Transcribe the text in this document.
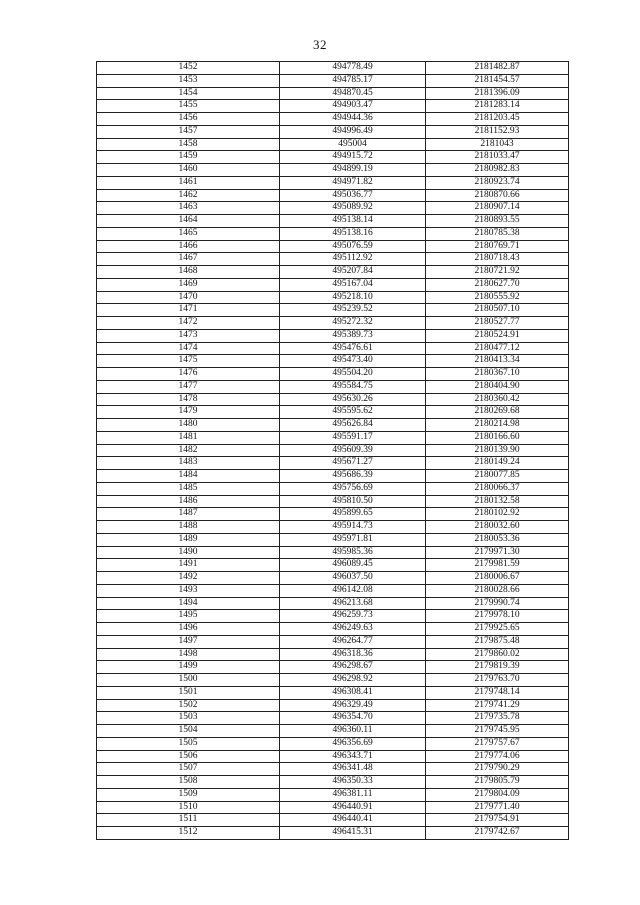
32
1452	494778.49	2181482.87
1453	494785.17	2181454.57
1454	494870.45	2181396.09
1455	494903.47	2181283.14
1456	494944.36	2181203.45
1457	494996.49	2181152.93
1458	495004	2181043
1459	494915.72	2181033.47
1460	494899.19	2180982.83
1461	494971.82	2180923.74
1462	495036.77	2180870.66
1463	495089.92	2180907.14
1464	495138.14	2180893.55
1465	495138.16	2180785.38
1466	495076.59	2180769.71
1467	495112.92	2180718.43
1468	495207.84	2180721.92
1469	495167.04	2180627.70
1470	495218.10	2180555.92
1471	495239.52	2180507.10
1472	495272.32	2180527.77
1473	495389.73	2180524.91
1474	495476.61	2180477.12
1475	495473.40	2180413.34
1476	495504.20	2180367.10
1477	495584.75	2180404.90
1478	495630.26	2180360.42
1479	495595.62	2180269.68
1480	495626.84	2180214.98
1481	495591.17	2180166.60
1482	495609.39	2180139.90
1483	495671.27	2180149.24
1484	495686.39	2180077.85
1485	495756.69	2180066.37
1486	495810.50	2180132.58
1487	495899.65	2180102.92
1488	495914.73	2180032.60
1489	495971.81	2180053.36
1490	495985.36	2179971.30
1491	496089.45	2179981.59
1492	496037.50	2180006.67
1493	496142.08	2180028.66
1494	496213.68	2179990.74
1495	496259.73	2179978.10
1496	496249.63	2179925.65
1497	496264.77	2179875.48
1498	496318.36	2179860.02
1499	496298.67	2179819.39
1500	496298.92	2179763.70
1501	496308.41	2179748.14
1502	496329.49	2179741.29
1503	496354.70	2179735.78
1504	496360.11	2179745.95
1505	496356.69	2179757.67
1506	496343.71	2179774.06
1507	496341.48	2179790.29
1508	496350.33	2179805.79
1509	496381.11	2179804.09
1510	496440.91	2179771.40
1511	496440.41	2179754.91
1512	496415.31	2179742.67
